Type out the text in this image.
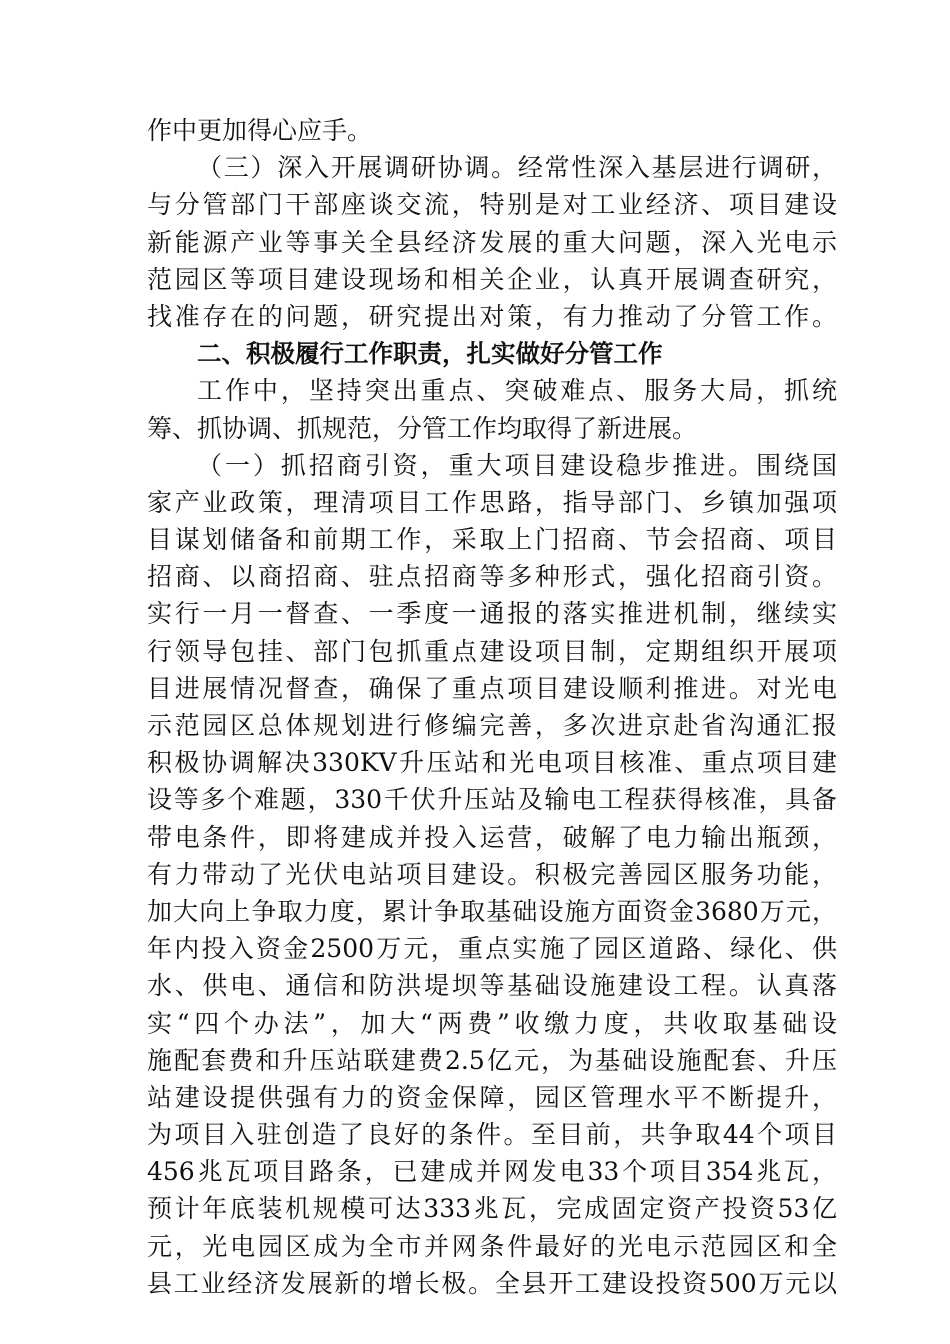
作中更加得心应手。
（三）深入开展调研协调。经常性深入基层进行调研，
与分管部门干部座谈交流，特别是对工业经济、项目建设
新能源产业等事关全县经济发展的重大问题，深入光电示
范园区等项目建设现场和相关企业，认真开展调查研究，
找准存在的问题，研究提出对策，有力推动了分管工作。
二、积极履行工作职责，扎实做好分管工作
工作中，坚持突出重点、突破难点、服务大局，抓统
筹、抓协调、抓规范，分管工作均取得了新进展。
（一）抓招商引资，重大项目建设稳步推进。围绕国
家产业政策，理清项目工作思路，指导部门、乡镇加强项
目谋划储备和前期工作，采取上门招商、节会招商、项目
招商、以商招商、驻点招商等多种形式，强化招商引资。
实行一月一督查、一季度一通报的落实推进机制，继续实
行领导包挂、部门包抓重点建设项目制，定期组织开展项
目进展情况督查，确保了重点项目建设顺利推进。对光电
示范园区总体规划进行修编完善，多次进京赴省沟通汇报
积极协调解决330KV升压站和光电项目核准、重点项目建
设等多个难题，330千伏升压站及输电工程获得核准，具备
带电条件，即将建成并投入运营，破解了电力输出瓶颈，
有力带动了光伏电站项目建设。积极完善园区服务功能，
加大向上争取力度，累计争取基础设施方面资金3680万元，
年内投入资金2500万元，重点实施了园区道路、绿化、供
水、供电、通信和防洪堤坝等基础设施建设工程。认真落
实“四个办法”，加大“两费”收缴力度，共收取基础设
施配套费和升压站联建费2.5亿元，为基础设施配套、升压
站建设提供强有力的资金保障，园区管理水平不断提升，
为项目入驻创造了良好的条件。至目前，共争取44个项目
456兆瓦项目路条，已建成并网发电33个项目354兆瓦，
预计年底装机规模可达333兆瓦，完成固定资产投资53亿
元，光电园区成为全市并网条件最好的光电示范园区和全
县工业经济发展新的增长极。全县开工建设投资500万元以
